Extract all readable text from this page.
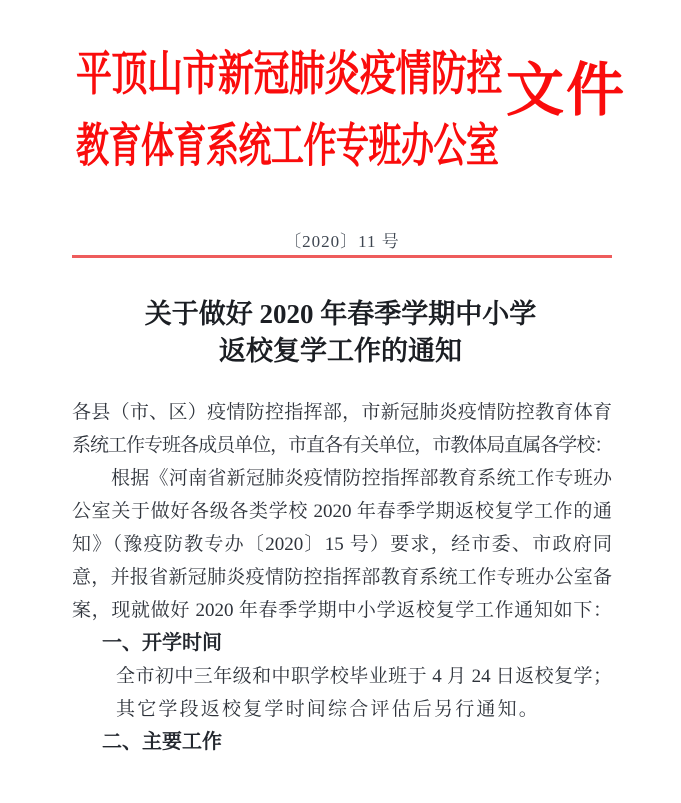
平顶山市新冠肺炎疫情防控
教育体育系统工作专班办公室
文件
〔2020〕11 号
关于做好 2020 年春季学期中小学
返校复学工作的通知
各县（市、区）疫情防控指挥部，市新冠肺炎疫情防控教育体育
系统工作专班各成员单位，市直各有关单位，市教体局直属各学校：
根据《河南省新冠肺炎疫情防控指挥部教育系统工作专班办
公室关于做好各级各类学校 2020 年春季学期返校复学工作的通
知》（豫疫防教专办〔2020〕15 号）要求，经市委、市政府同
意，并报省新冠肺炎疫情防控指挥部教育系统工作专班办公室备
案，现就做好 2020 年春季学期中小学返校复学工作通知如下：
一、开学时间
全市初中三年级和中职学校毕业班于 4 月 24 日返校复学；
其它学段返校复学时间综合评估后另行通知。
二、主要工作
